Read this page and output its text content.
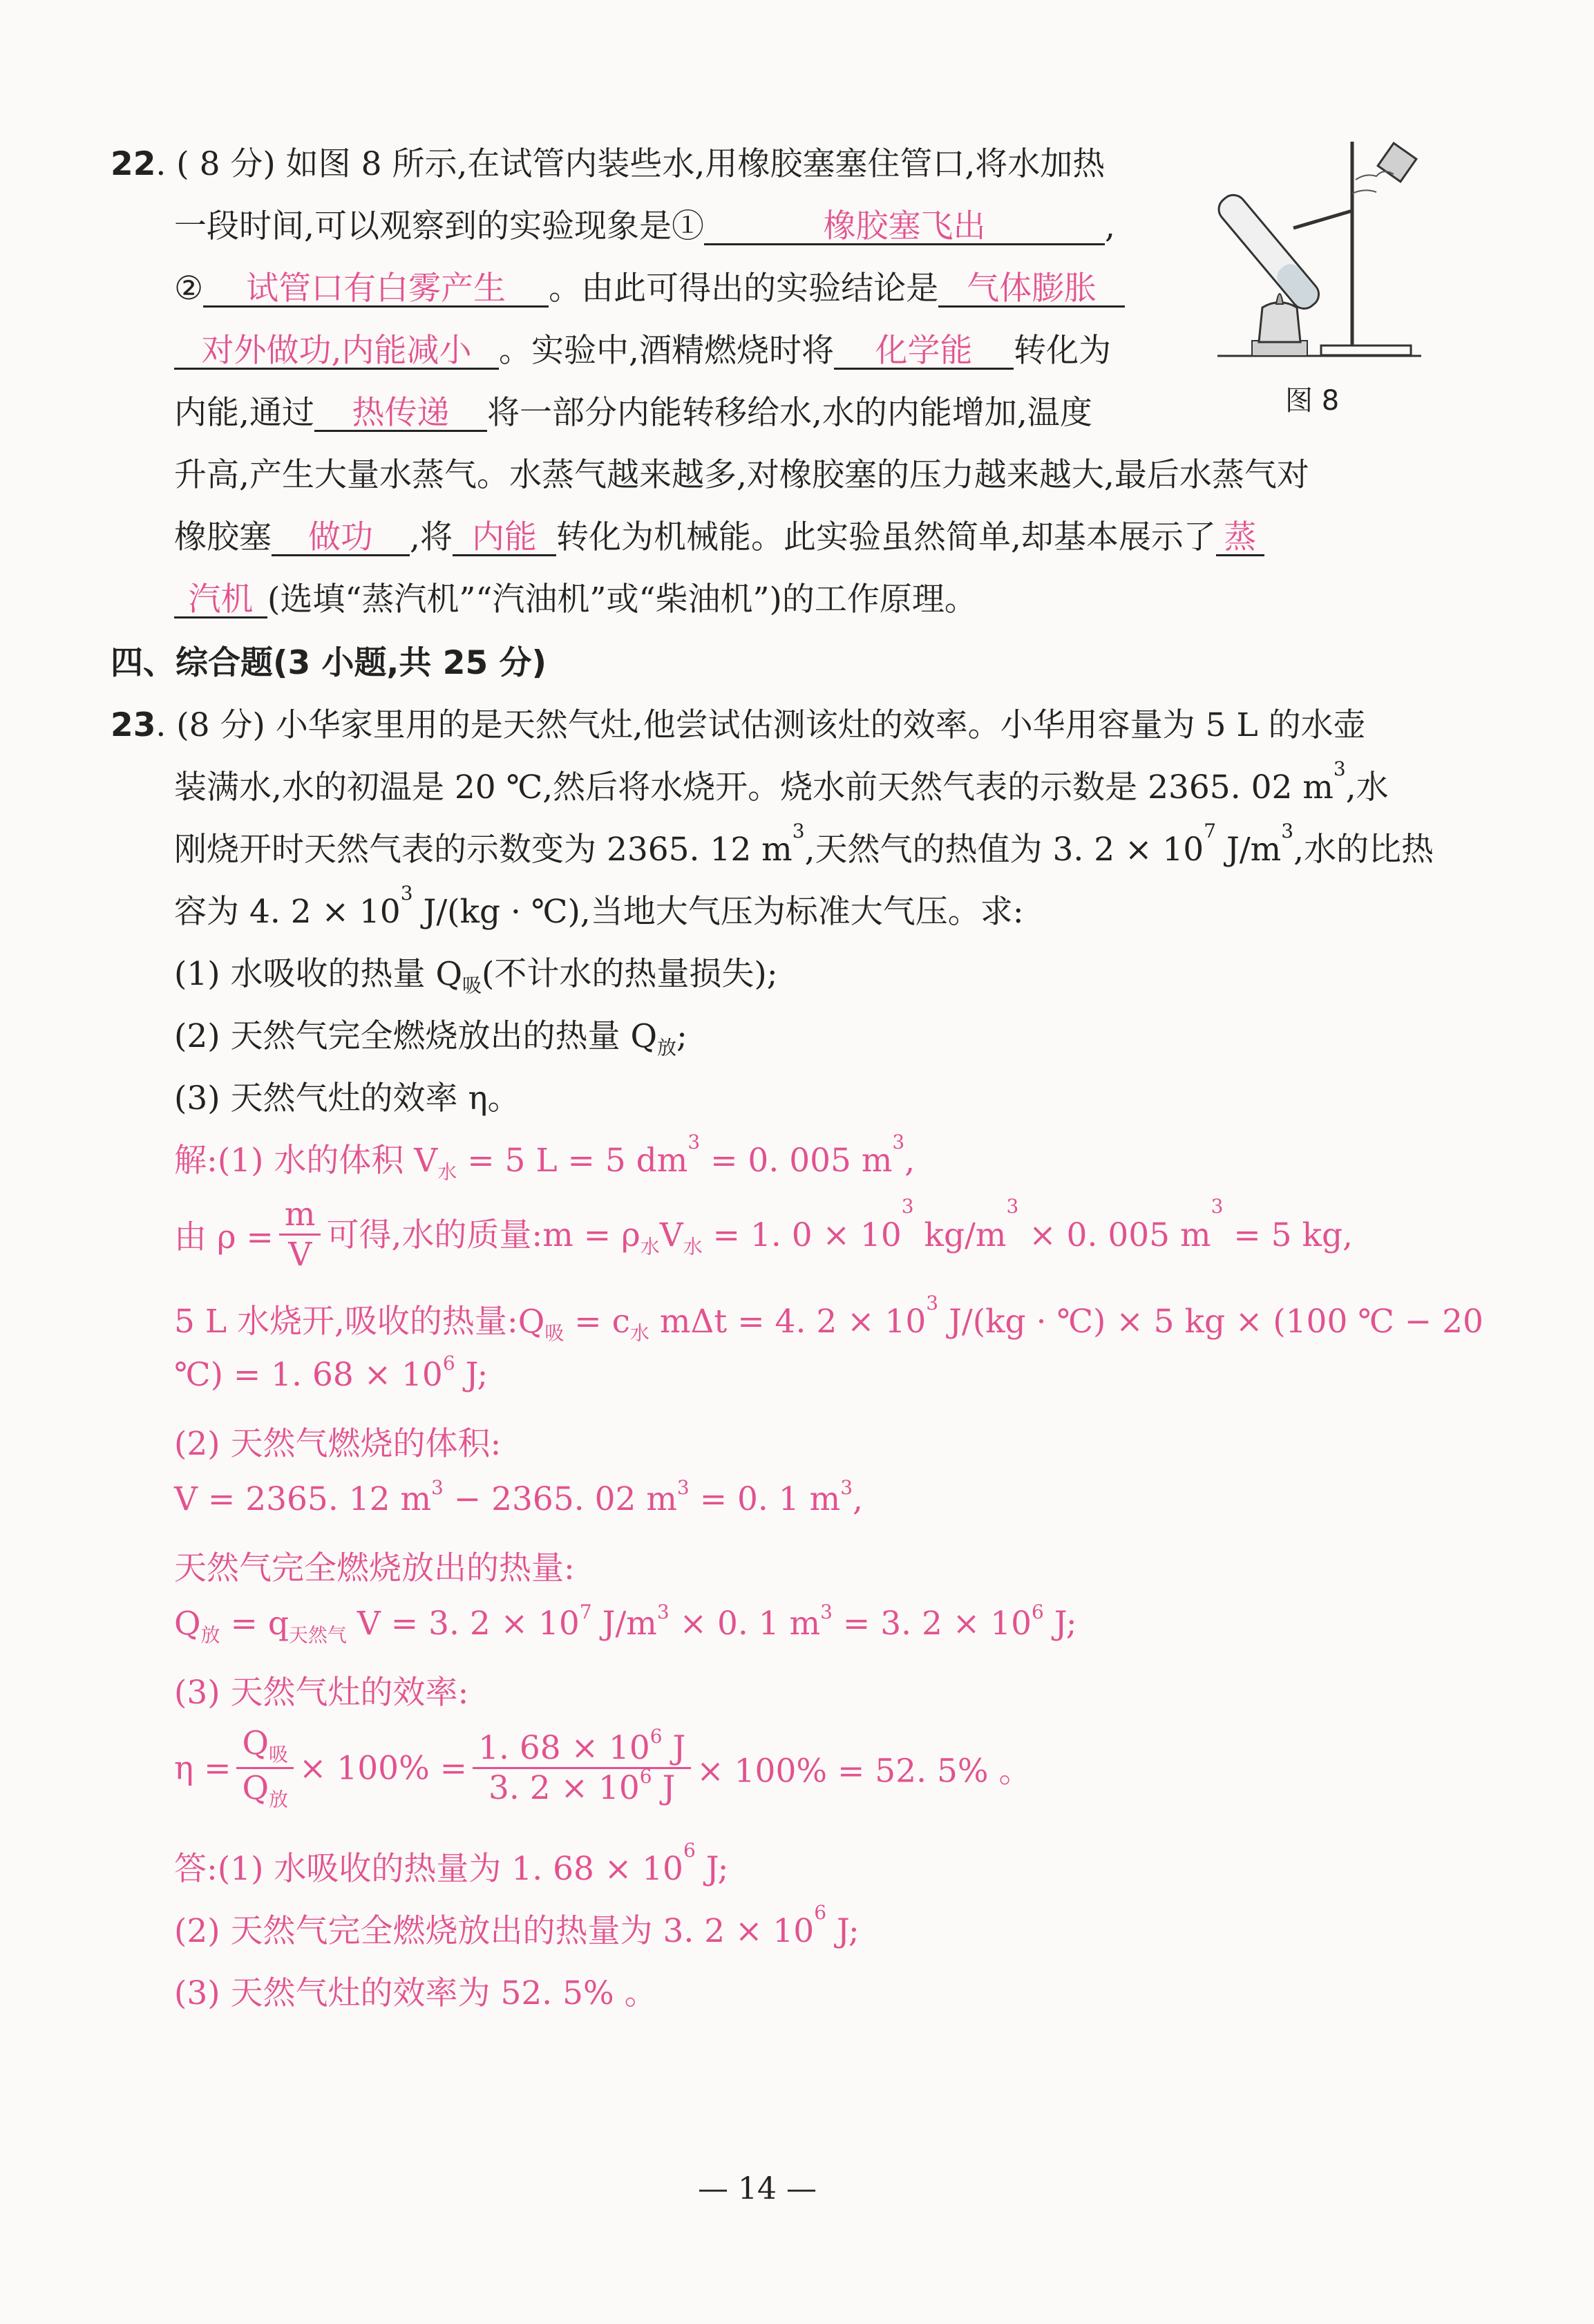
22. ( 8 分) 如图 8 所示,在试管内装些水,用橡胶塞塞住管口,将水加热
一段时间,可以观察到的实验现象是①	橡胶塞飞出	,
② 试管口有白雾产生 。由此可得出的实验结论是 气体膨胀
对外做功,内能减小 。实验中,酒精燃烧时将 化学能 转化为
内能,通过 热传递 将一部分内能转移给水,水的内能增加,温度
升高,产生大量水蒸气。水蒸气越来越多,对橡胶塞的压力越来越大,最后水蒸气对
橡胶塞 做功 ,将 内能 转化为机械能。此实验虽然简单,却基本展示了 蒸
汽机 (选填“蒸汽机”“汽油机”或“柴油机”)的工作原理。
图 8
四、综合题(3 小题,共 25 分)
23. (8 分) 小华家里用的是天然气灶,他尝试估测该灶的效率。小华用容量为 5 L 的水壶
装满水,水的初温是 20 ℃,然后将水烧开。烧水前天然气表的示数是 2365. 02 $m^3$,水
刚烧开时天然气表的示数变为 2365. 12 $m^3$,天然气的热值为 3. $2 \times 10^7$ $J/m^3$,水的比热
容为 4. $2 \times 10^3$ J/(kg · ℃),当地大气压为标准大气压。求:
(1) 水吸收的热量 $Q_吸$(不计水的热量损失);
(2) 天然气完全燃烧放出的热量 $Q_放$;
(3) 天然气灶的效率 η。
解:(1) 水的体积 $V_水 = 5$ L = 5 $dm^3 = 0$. 005 $m^3$,
由 $\rho = \frac{m}{V}$ 可得,水的质量:m = $\rho_水V_水 = 1$. $0 \times 10^3$ $kg/m^3 \times 0$. 005 $m^3 = 5$ kg,
5 L 水烧开,吸收的热量$:Q_吸 = c_水$ mΔt = 4. $2 \times 10^3$ J/(kg · ℃) × 5 kg × (100 ℃ − 20
℃) = 1. $68 \times 10^6$ J;
(2) 天然气燃烧的体积:
V = 2365. 12 $m^3 - 2365$. 02 $m^3 = 0$. 1 $m^3$,
天然气完全燃烧放出的热量:
$Q_放 = q_{天然气}$ V = 3. $2 \times 10^7$ $J/m^3 \times 0$. 1 $m^3 = 3$. $2 \times 10^6$ J;
(3) 天然气灶的效率:
$\eta = \frac{Q_吸}{Q_放} \times 100\% = \frac{1. 68 \times 10^6 J}{3. 2 \times 10^6 J} \times 100\% = 52$. 5% 。
答:(1) 水吸收的热量为 1. $68 \times 10^6$ J;
(2) 天然气完全燃烧放出的热量为 3. $2 \times 10^6$ J;
(3) 天然气灶的效率为 52. 5% 。
— 14 —
